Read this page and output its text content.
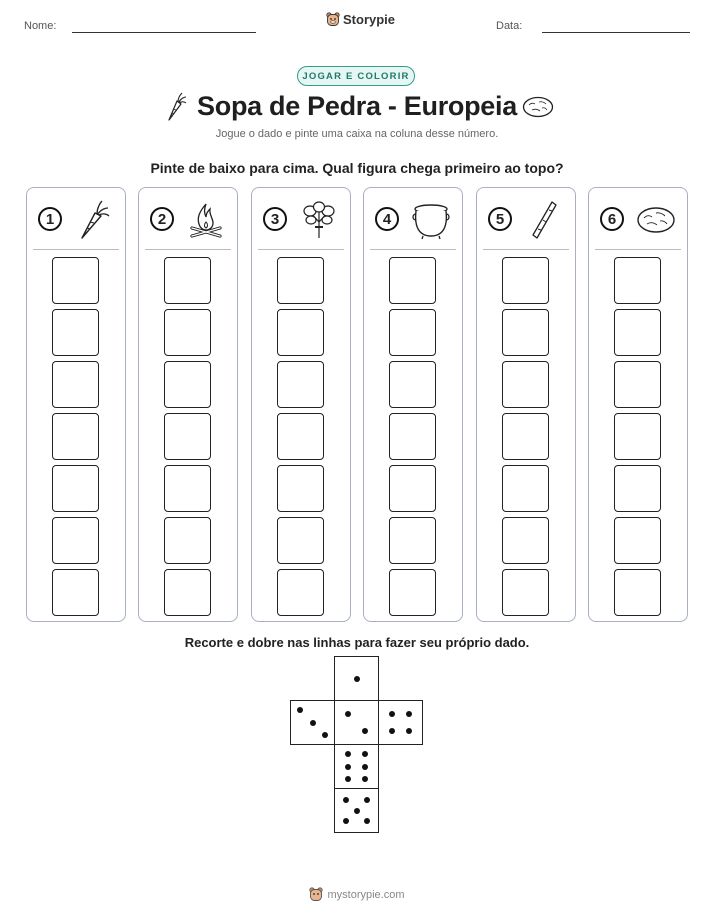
Nome:	Storypie	Data:
JOGAR E COLORIR
Sopa de Pedra - Europeia
Jogue o dado e pinte uma caixa na coluna desse número.
Pinte de baixo para cima. Qual figura chega primeiro ao topo?
1	2	3	4	5	6
Recorte e dobre nas linhas para fazer seu próprio dado.
mystorypie.com
